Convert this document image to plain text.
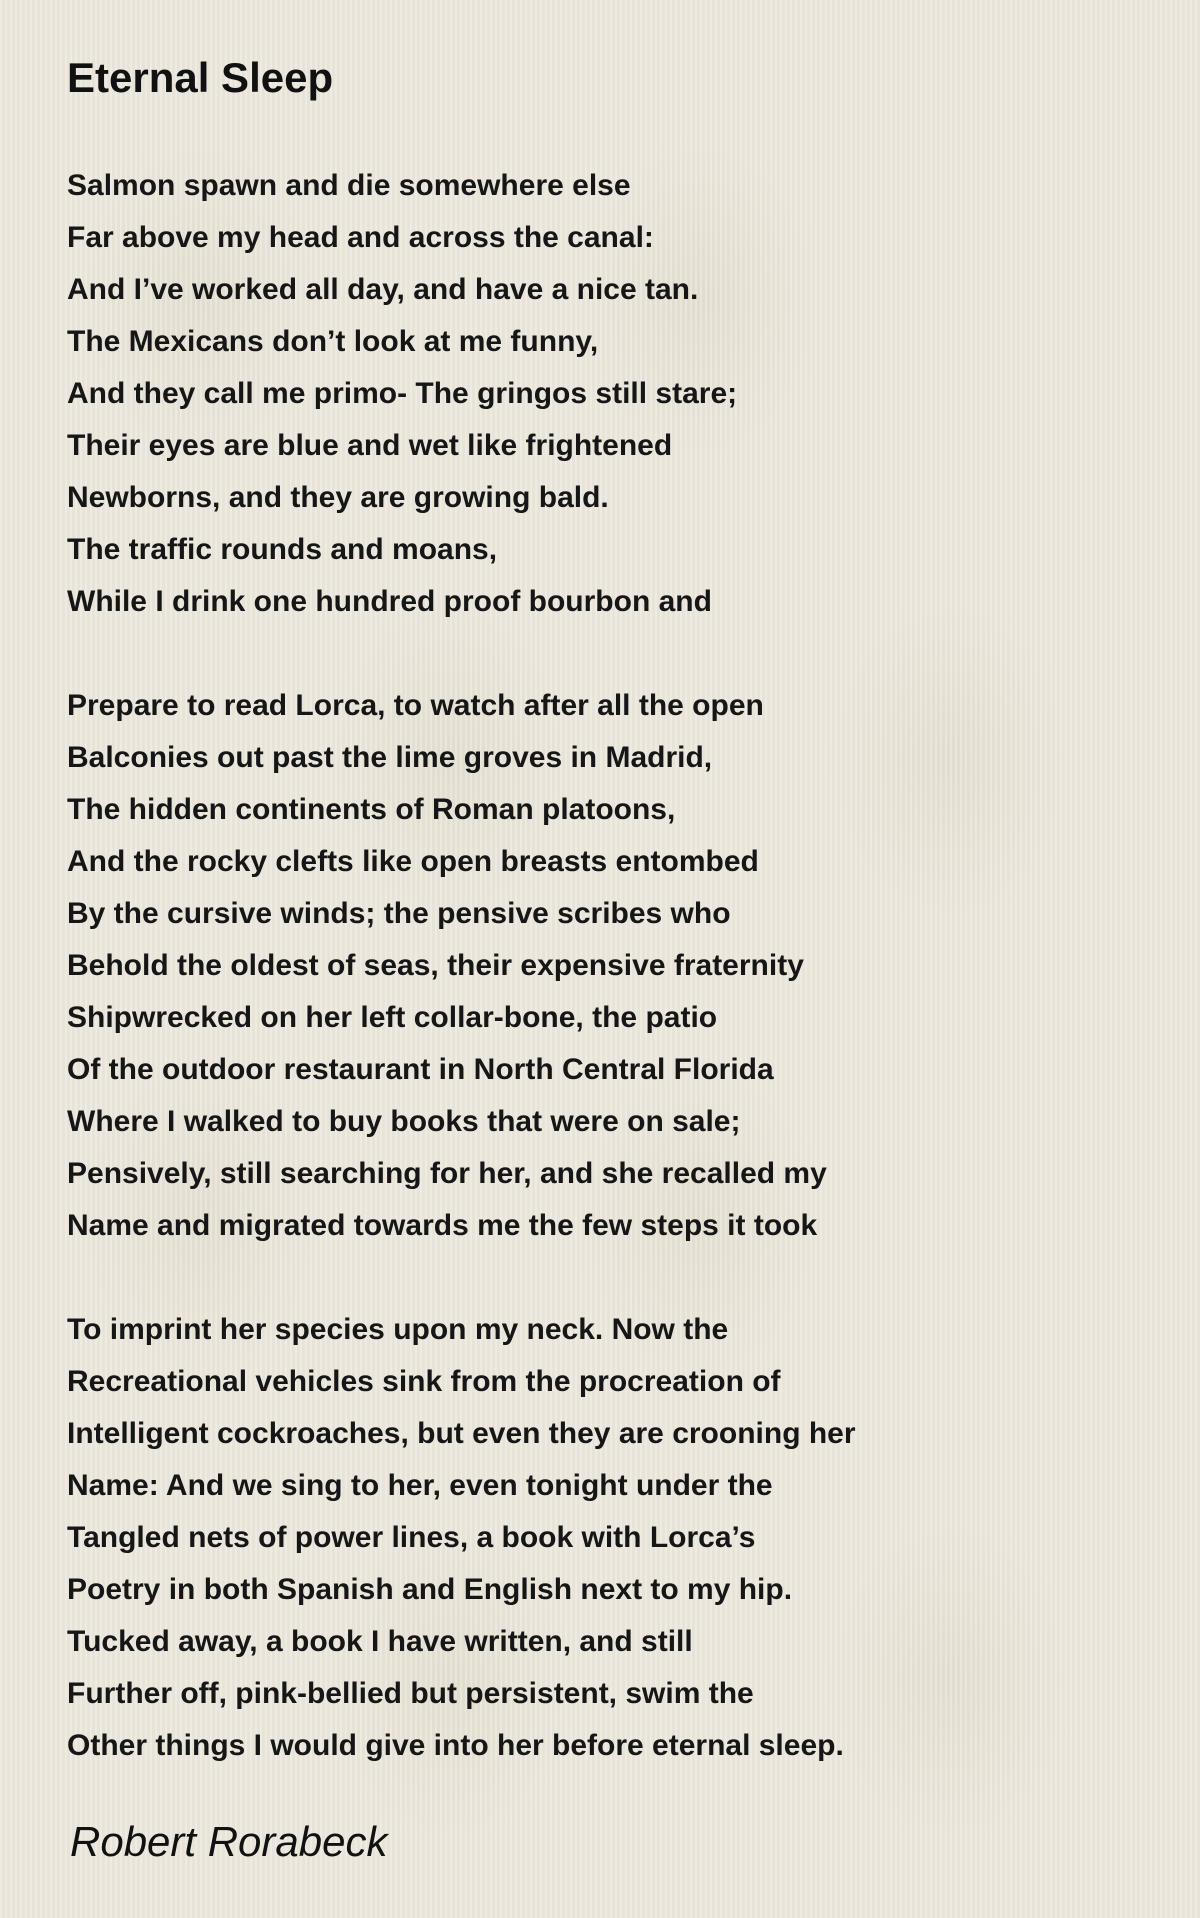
Eternal Sleep
Salmon spawn and die somewhere else
Far above my head and across the canal:
And I’ve worked all day, and have a nice tan.
The Mexicans don’t look at me funny,
And they call me primo- The gringos still stare;
Their eyes are blue and wet like frightened
Newborns, and they are growing bald.
The traffic rounds and moans,
While I drink one hundred proof bourbon and
Prepare to read Lorca, to watch after all the open
Balconies out past the lime groves in Madrid,
The hidden continents of Roman platoons,
And the rocky clefts like open breasts entombed
By the cursive winds; the pensive scribes who
Behold the oldest of seas, their expensive fraternity
Shipwrecked on her left collar-bone, the patio
Of the outdoor restaurant in North Central Florida
Where I walked to buy books that were on sale;
Pensively, still searching for her, and she recalled my
Name and migrated towards me the few steps it took
To imprint her species upon my neck. Now the
Recreational vehicles sink from the procreation of
Intelligent cockroaches, but even they are crooning her
Name: And we sing to her, even tonight under the
Tangled nets of power lines, a book with Lorca’s
Poetry in both Spanish and English next to my hip.
Tucked away, a book I have written, and still
Further off, pink-bellied but persistent, swim the
Other things I would give into her before eternal sleep.
Robert Rorabeck
